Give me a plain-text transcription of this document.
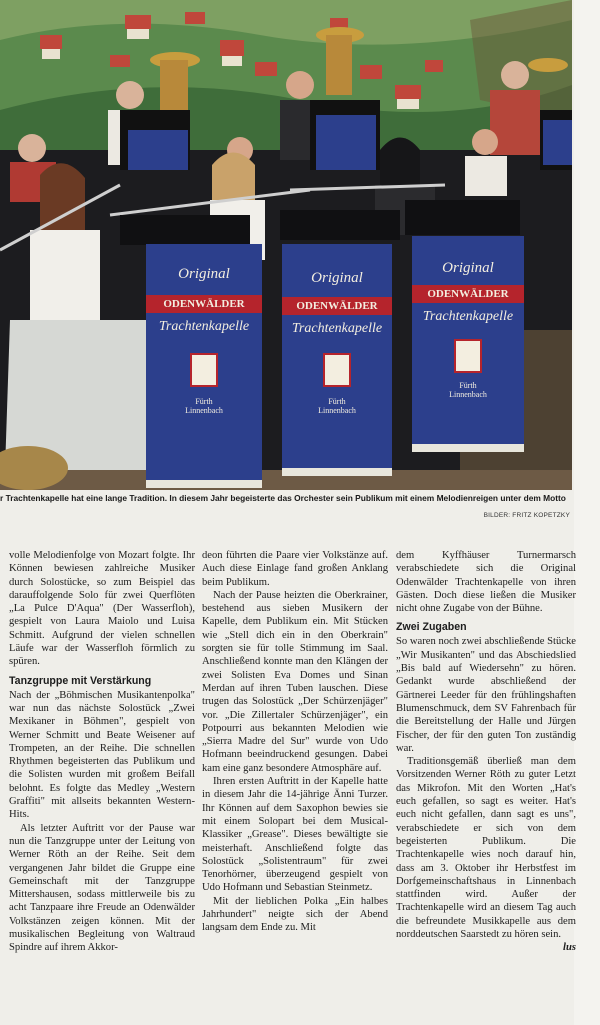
Original
ODENWÄLDER
Trachtenkapelle
Fürth
Linnenbach
Original
ODENWÄLDER
Trachtenkapelle
Fürth
Linnenbach
Original
ODENWÄLDER
Trachtenkapelle
Fürth
Linnenbach
r Trachtenkapelle hat eine lange Tradition. In diesem Jahr begeisterte das Orchester sein Publikum mit einem Melodienreigen unter dem Motto
BILDER: FRITZ KOPETZKY

volle Melodienfolge von Mozart folgte. Ihr Können bewiesen zahlreiche Musiker durch Solostücke, so zum Beispiel das darauffolgende Solo für zwei Querflöten „La Pulce D'Aqua" (Der Wasserfloh), gespielt von Laura Maiolo und Luisa Schmitt. Aufgrund der vielen schnellen Läufe war der Wasserfloh förmlich zu spüren.

Tanzgruppe mit Verstärkung

Nach der „Böhmischen Musikantenpolka" war nun das nächste Solostück „Zwei Mexikaner in Böhmen", gespielt von Werner Schmitt und Beate Weisener auf Trompeten, an der Reihe. Die schnellen Rhythmen begeisterten das Publikum und die Solisten wurden mit großem Beifall belohnt. Es folgte das Medley „Western Graffiti" mit allseits bekannten Western-Hits.

Als letzter Auftritt vor der Pause war nun die Tanzgruppe unter der Leitung von Werner Röth an der Reihe. Seit dem vergangenen Jahr bildet die Gruppe eine Gemeinschaft mit der Tanzgruppe Mittershausen, sodass mittlerweile bis zu acht Tanzpaare ihre Freude an Odenwälder Volkstänzen zeigen können. Mit der musikalischen Begleitung von Waltraud Spindre auf ihrem Akkor-

deon führten die Paare vier Volkstänze auf. Auch diese Einlage fand großen Anklang beim Publikum.

Nach der Pause heizten die Oberkrainer, bestehend aus sieben Musikern der Kapelle, dem Publikum ein. Mit Stücken wie „Stell dich ein in den Oberkrain" sorgten sie für tolle Stimmung im Saal. Anschließend konnte man den Klängen der zwei Solisten Eva Domes und Sinan Merdan auf ihren Tuben lauschen. Diese trugen das Solostück „Der Schürzenjäger" vor. „Die Zillertaler Schürzenjäger", ein Potpourri aus bekannten Melodien wie „Sierra Madre del Sur" wurde von Udo Hofmann beeindruckend gesungen. Dabei kam eine ganz besondere Atmosphäre auf.

Ihren ersten Auftritt in der Kapelle hatte in diesem Jahr die 14-jährige Änni Turzer. Ihr Können auf dem Saxophon bewies sie mit einem Solopart bei dem Musical-Klassiker „Grease". Dieses bewältigte sie meisterhaft. Anschließend folgte das Solostück „Solistentraum" für zwei Tenorhörner, überzeugend gespielt von Udo Hofmann und Sebastian Steinmetz.

Mit der lieblichen Polka „Ein halbes Jahrhundert" neigte sich der Abend langsam dem Ende zu. Mit

dem Kyffhäuser Turnermarsch verabschiedete sich die Original Odenwälder Trachtenkapelle von ihren Gästen. Doch diese ließen die Musiker nicht ohne Zugabe von der Bühne.

Zwei Zugaben

So waren noch zwei abschließende Stücke „Wir Musikanten" und das Abschiedslied „Bis bald auf Wiedersehn" zu hören. Gedankt wurde abschließend der Gärtnerei Leeder für den frühlingshaften Blumenschmuck, dem SV Fahrenbach für die Bereitstellung der Halle und Jürgen Fischer, der für den guten Ton zuständig war.

Traditionsgemäß überließ man dem Vorsitzenden Werner Röth zu guter Letzt das Mikrofon. Mit den Worten „Hat's euch gefallen, so sagt es weiter. Hat's euch nicht gefallen, dann sagt es uns", verabschiedete er sich von dem begeisterten Publikum. Die Trachtenkapelle wies noch darauf hin, dass am 3. Oktober ihr Herbstfest im Dorfgemeinschaftshaus in Linnenbach stattfinden wird. Außer der Trachtenkapelle wird an diesem Tag auch die befreundete Musikkapelle aus dem norddeutschen Saarstedt zu hören sein.

lus
